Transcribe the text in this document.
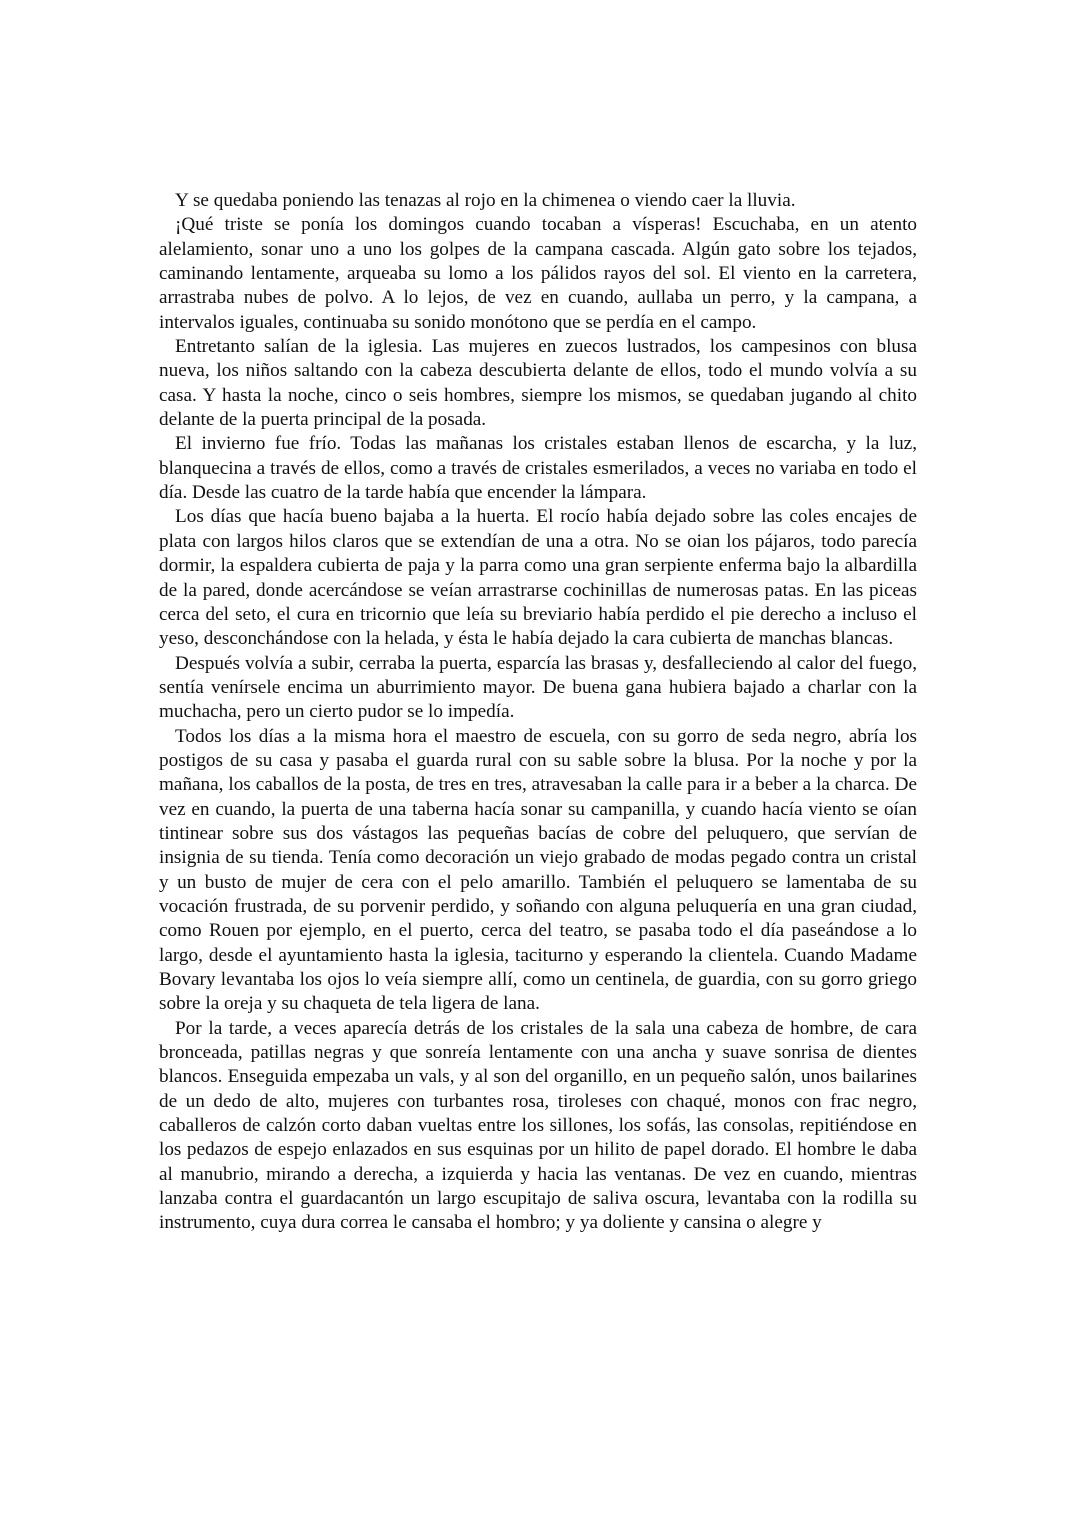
Y se quedaba poniendo las tenazas al rojo en la chimenea o viendo caer la lluvia.

¡Qué triste se ponía los domingos cuando tocaban a vísperas! Escuchaba, en un atento alelamiento, sonar uno a uno los golpes de la campana cascada. Algún gato sobre los tejados, caminando lentamente, arqueaba su lomo a los pálidos rayos del sol. El viento en la carretera, arrastraba nubes de polvo. A lo lejos, de vez en cuando, aullaba un perro, y la campana, a intervalos iguales, continuaba su sonido monótono que se perdía en el campo.

Entretanto salían de la iglesia. Las mujeres en zuecos lustrados, los campesinos con blusa nueva, los niños saltando con la cabeza descubierta delante de ellos, todo el mundo volvía a su casa. Y hasta la noche, cinco o seis hombres, siempre los mismos, se quedaban jugando al chito delante de la puerta principal de la posada.

El invierno fue frío. Todas las mañanas los cristales estaban llenos de escarcha, y la luz, blanquecina a través de ellos, como a través de cristales esmerilados, a veces no variaba en todo el día. Desde las cuatro de la tarde había que encender la lámpara.

Los días que hacía bueno bajaba a la huerta. El rocío había dejado sobre las coles encajes de plata con largos hilos claros que se extendían de una a otra. No se oian los pájaros, todo parecía dormir, la espaldera cubierta de paja y la parra como una gran serpiente enferma bajo la albardilla de la pared, donde acercándose se veían arrastrarse cochinillas de numerosas patas. En las piceas cerca del seto, el cura en tricornio que leía su breviario había perdido el pie derecho a incluso el yeso, desconchándose con la helada, y ésta le había dejado la cara cubierta de manchas blancas.

Después volvía a subir, cerraba la puerta, esparcía las brasas y, desfalleciendo al calor del fuego, sentía venírsele encima un aburrimiento mayor. De buena gana hubiera bajado a charlar con la muchacha, pero un cierto pudor se lo impedía.

Todos los días a la misma hora el maestro de escuela, con su gorro de seda negro, abría los postigos de su casa y pasaba el guarda rural con su sable sobre la blusa. Por la noche y por la mañana, los caballos de la posta, de tres en tres, atravesaban la calle para ir a beber a la charca. De vez en cuando, la puerta de una taberna hacía sonar su campanilla, y cuando hacía viento se oían tintinear sobre sus dos vástagos las pequeñas bacías de cobre del peluquero, que servían de insignia de su tienda. Tenía como decoración un viejo grabado de modas pegado contra un cristal y un busto de mujer de cera con el pelo amarillo. También el peluquero se lamentaba de su vocación frustrada, de su porvenir perdido, y soñando con alguna peluquería en una gran ciudad, como Rouen por ejemplo, en el puerto, cerca del teatro, se pasaba todo el día paseándose a lo largo, desde el ayuntamiento hasta la iglesia, taciturno y esperando la clientela. Cuando Madame Bovary levantaba los ojos lo veía siempre allí, como un centinela, de guardia, con su gorro griego sobre la oreja y su chaqueta de tela ligera de lana.

Por la tarde, a veces aparecía detrás de los cristales de la sala una cabeza de hombre, de cara bronceada, patillas negras y que sonreía lentamente con una ancha y suave sonrisa de dientes blancos. Enseguida empezaba un vals, y al son del organillo, en un pequeño salón, unos bailarines de un dedo de alto, mujeres con turbantes rosa, tiroleses con chaqué, monos con frac negro, caballeros de calzón corto daban vueltas entre los sillones, los sofás, las consolas, repitiéndose en los pedazos de espejo enlazados en sus esquinas por un hilito de papel dorado. El hombre le daba al manubrio, mirando a derecha, a izquierda y hacia las ventanas. De vez en cuando, mientras lanzaba contra el guardacantón un largo escupitajo de saliva oscura, levantaba con la rodilla su instrumento, cuya dura correa le cansaba el hombro; y ya doliente y cansina o alegre y
